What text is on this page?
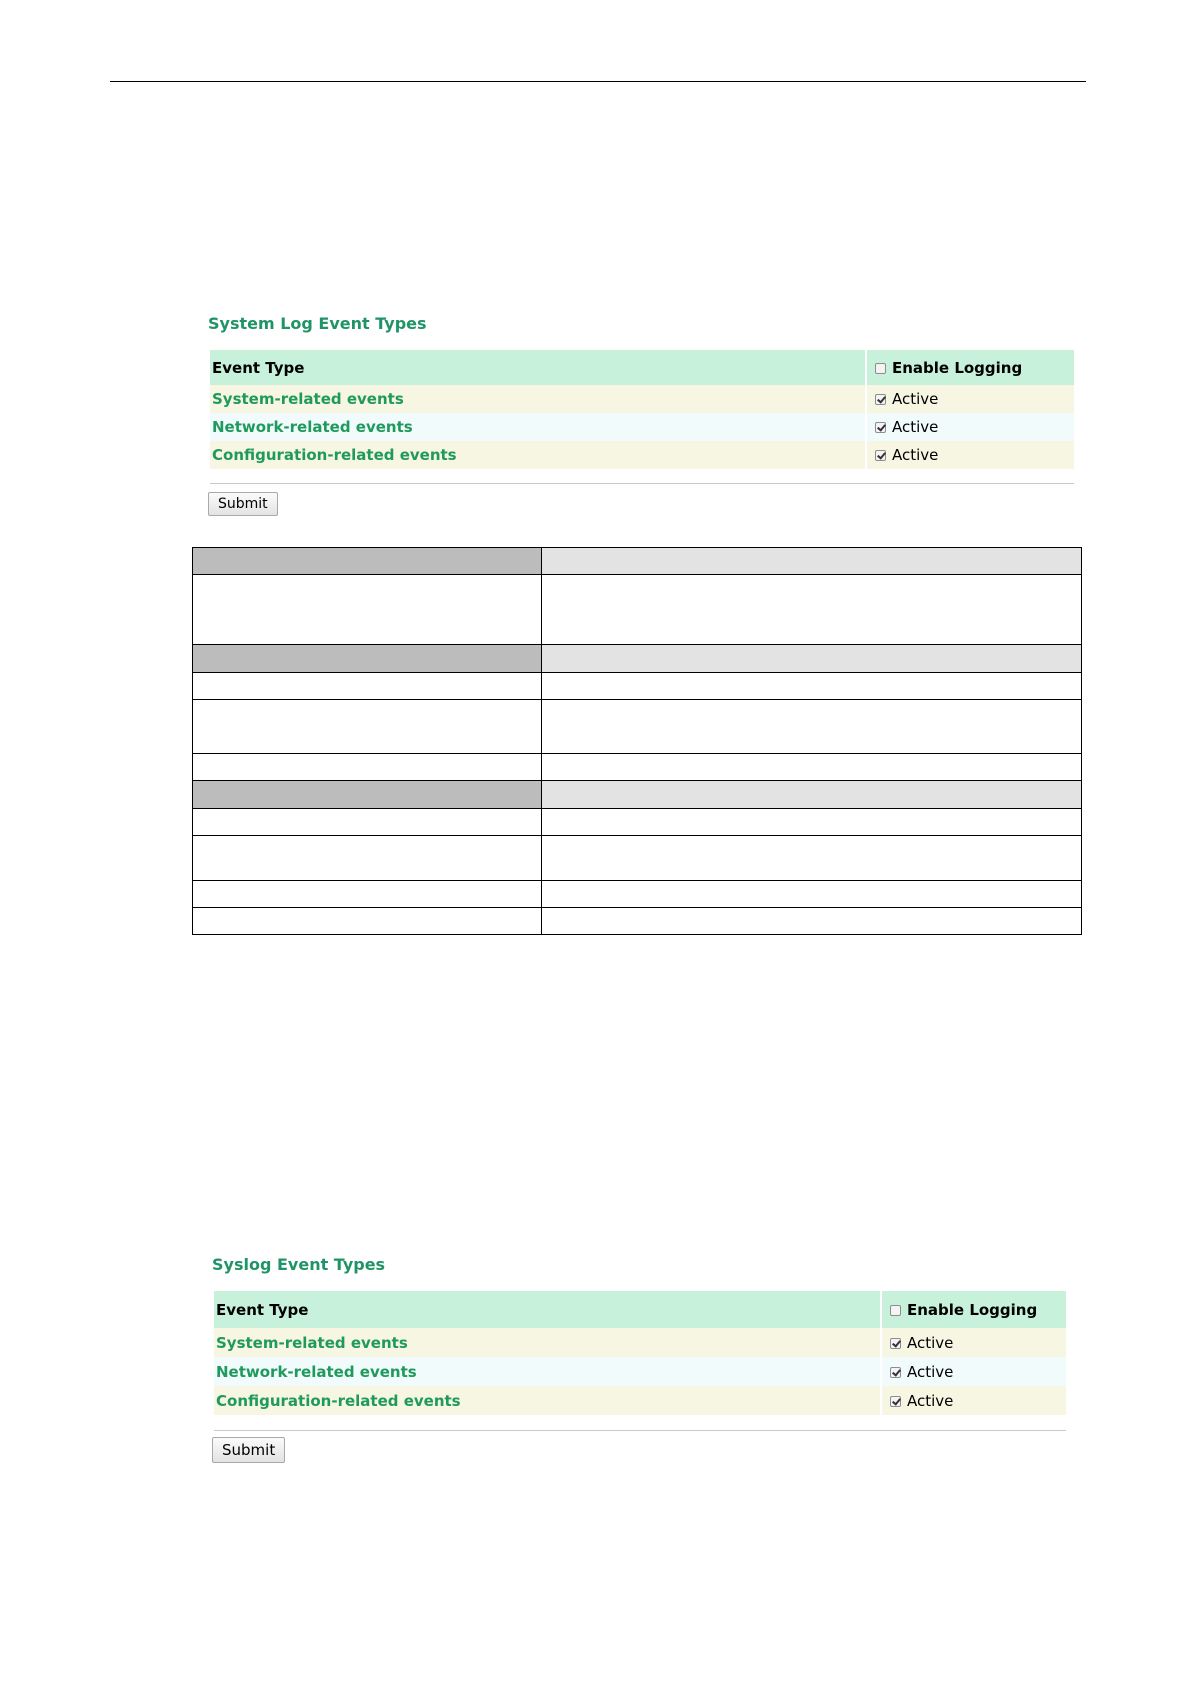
System Log Event Types
Event Type	Enable Logging
System-related events	Active
Network-related events	Active
Configuration-related events	Active
Submit

Syslog Event Types
Event Type	Enable Logging
System-related events	Active
Network-related events	Active
Configuration-related events	Active
Submit
